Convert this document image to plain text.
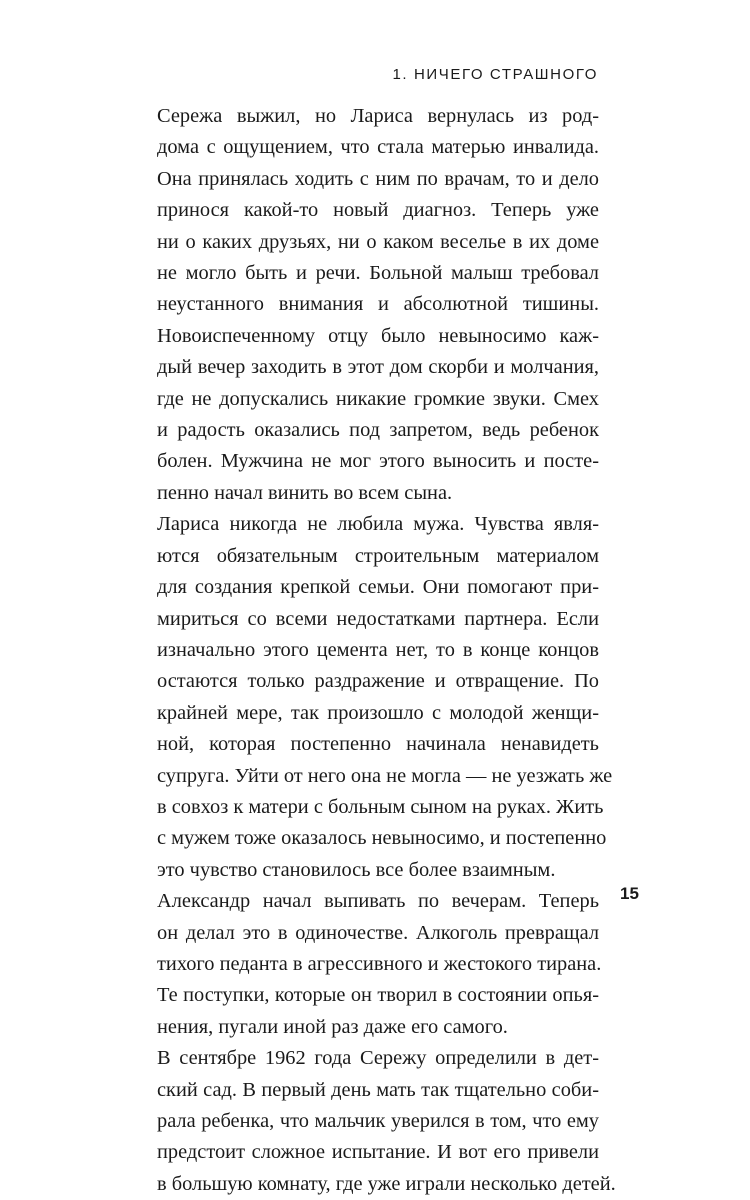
1. НИЧЕГО СТРАШНОГО
Сережа выжил, но Лариса вернулась из род-
дома с ощущением, что стала матерью инвалида.
Она принялась ходить с ним по врачам, то и дело
принося какой-то новый диагноз. Теперь уже
ни о каких друзьях, ни о каком веселье в их доме
не могло быть и речи. Больной малыш требовал
неустанного внимания и абсолютной тишины.
Новоиспеченному отцу было невыносимо каж-
дый вечер заходить в этот дом скорби и молчания,
где не допускались никакие громкие звуки. Смех
и радость оказались под запретом, ведь ребенок
болен. Мужчина не мог этого выносить и посте-
пенно начал винить во всем сына.
Лариса никогда не любила мужа. Чувства явля-
ются обязательным строительным материалом
для создания крепкой семьи. Они помогают при-
мириться со всеми недостатками партнера. Если
изначально этого цемента нет, то в конце концов
остаются только раздражение и отвращение. По
крайней мере, так произошло с молодой женщи-
ной, которая постепенно начинала ненавидеть
супруга. Уйти от него она не могла — не уезжать же
в совхоз к матери с больным сыном на руках. Жить
с мужем тоже оказалось невыносимо, и постепенно
это чувство становилось все более взаимным.
Александр начал выпивать по вечерам. Теперь
он делал это в одиночестве. Алкоголь превращал
тихого педанта в агрессивного и жестокого тирана.
Те поступки, которые он творил в состоянии опья-
нения, пугали иной раз даже его самого.
В сентябре 1962 года Сережу определили в дет-
ский сад. В первый день мать так тщательно соби-
рала ребенка, что мальчик уверился в том, что ему
предстоит сложное испытание. И вот его привели
в большую комнату, где уже играли несколько детей.
15
